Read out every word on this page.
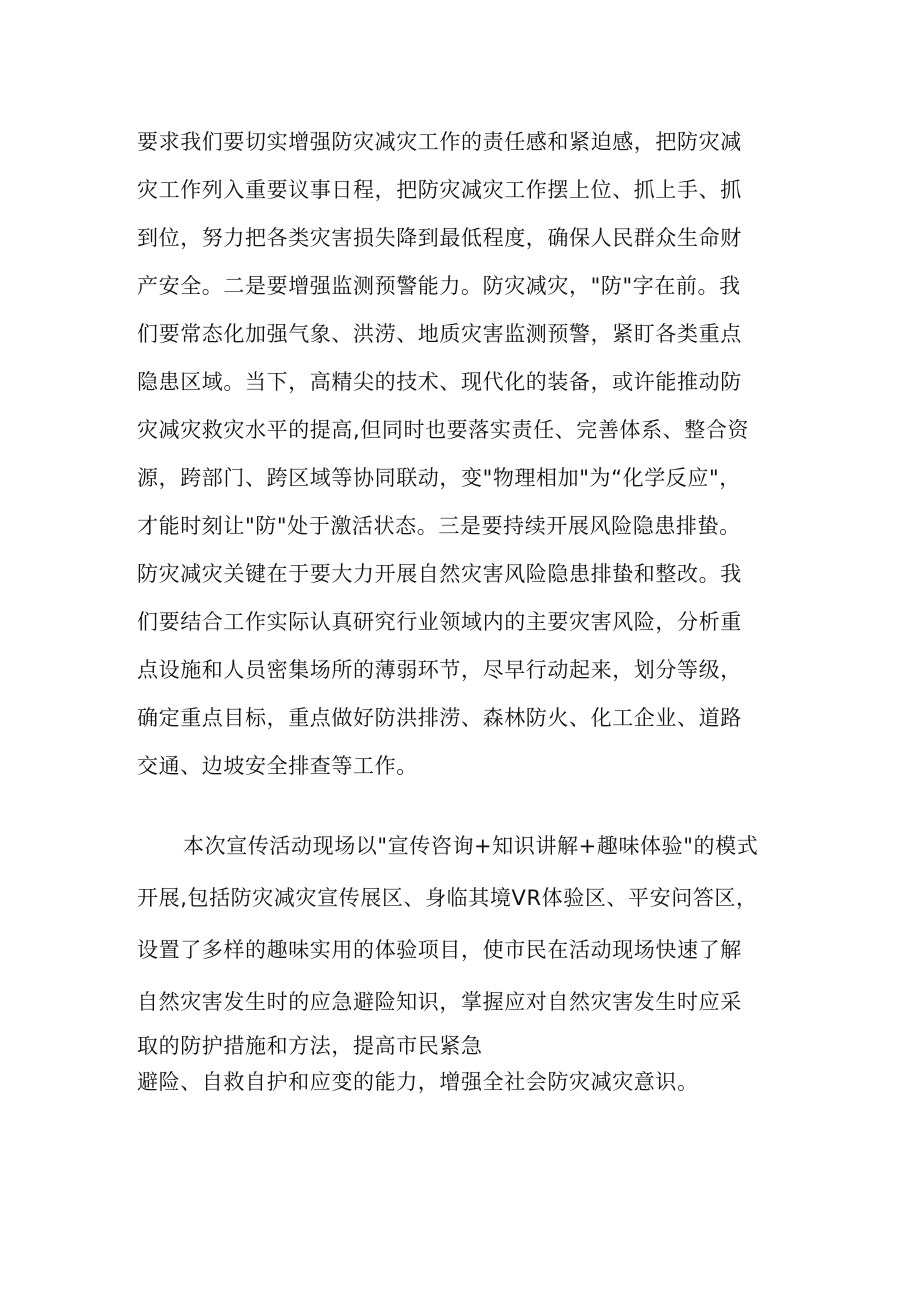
要求我们要切实增强防灾减灾工作的责任感和紧迫感，把防灾减
灾工作列入重要议事日程，把防灾减灾工作摆上位、抓上手、抓
到位，努力把各类灾害损失降到最低程度，确保人民群众生命财
产安全。二是要增强监测预警能力。防灾减灾，"防"字在前。我
们要常态化加强气象、洪涝、地质灾害监测预警，紧盯各类重点
隐患区域。当下，高精尖的技术、现代化的装备，或许能推动防
灾减灾救灾水平的提高,但同时也要落实责任、完善体系、整合资
源，跨部门、跨区域等协同联动，变"物理相加"为“化学反应"，
才能时刻让"防"处于激活状态。三是要持续开展风险隐患排蛰。
防灾减灾关键在于要大力开展自然灾害风险隐患排蛰和整改。我
们要结合工作实际认真研究行业领域内的主要灾害风险，分析重
点设施和人员密集场所的薄弱环节，尽早行动起来，划分等级，
确定重点目标，重点做好防洪排涝、森林防火、化工企业、道路
交通、边坡安全排查等工作。
本次宣传活动现场以"宣传咨询+知识讲解+趣味体验"的模式
开展,包括防灾减灾宣传展区、身临其境VR体验区、平安问答区，
设置了多样的趣味实用的体验项目，使市民在活动现场快速了解
自然灾害发生时的应急避险知识，掌握应对自然灾害发生时应采
取的防护措施和方法，提高市民紧急
避险、自救自护和应变的能力，增强全社会防灾减灾意识。
